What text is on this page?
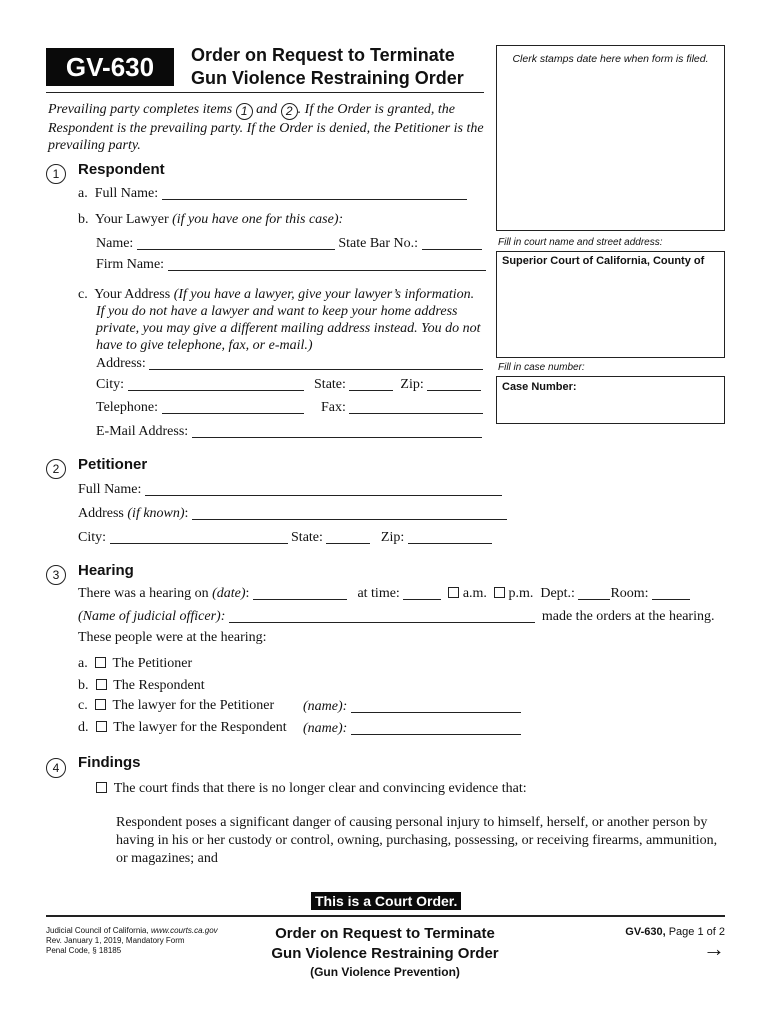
GV-630	Order on Request to Terminate
Gun Violence Restraining Order
Clerk stamps date here when form is filed.
Fill in court name and street address:
Superior Court of California, County of
Fill in case number:
Case Number:
Prevailing party completes items 1 and 2 . If the Order is granted, the
Respondent is the prevailing party. If the Order is denied, the Petitioner is the
prevailing party.
1	Respondent
a. Full Name:
b. Your Lawyer (if you have one for this case):
Name:	State Bar No.:
Firm Name:
c. Your Address (If you have a lawyer, give your lawyer’s information.
If you do not have a lawyer and want to keep your home address
private, you may give a different mailing address instead. You do not
have to give telephone, fax, or e-mail.)
Address:
City:	State:	Zip:
Telephone:	Fax:
E-Mail Address:
2	Petitioner
Full Name:
Address (if known):
City:	State:	Zip:
3	Hearing
There was a hearing on (date):	at time:	a.m. p.m. Dept.:	Room:
(Name of judicial officer):	made the orders at the hearing.
These people were at the hearing:
a. The Petitioner
b. The Respondent
c. The lawyer for the Petitioner (name):
d. The lawyer for the Respondent (name):
4	Findings
The court finds that there is no longer clear and convincing evidence that:
Respondent poses a significant danger of causing personal injury to himself, herself, or another person by
having in his or her custody or control, owning, purchasing, possessing, or receiving firearms, ammunition,
or magazines; and
This is a Court Order.
Judicial Council of California, www.courts.ca.gov
Rev. January 1, 2019, Mandatory Form
Penal Code, § 18185
Order on Request to Terminate
Gun Violence Restraining Order
(Gun Violence Prevention)
GV-630, Page 1 of 2
→
